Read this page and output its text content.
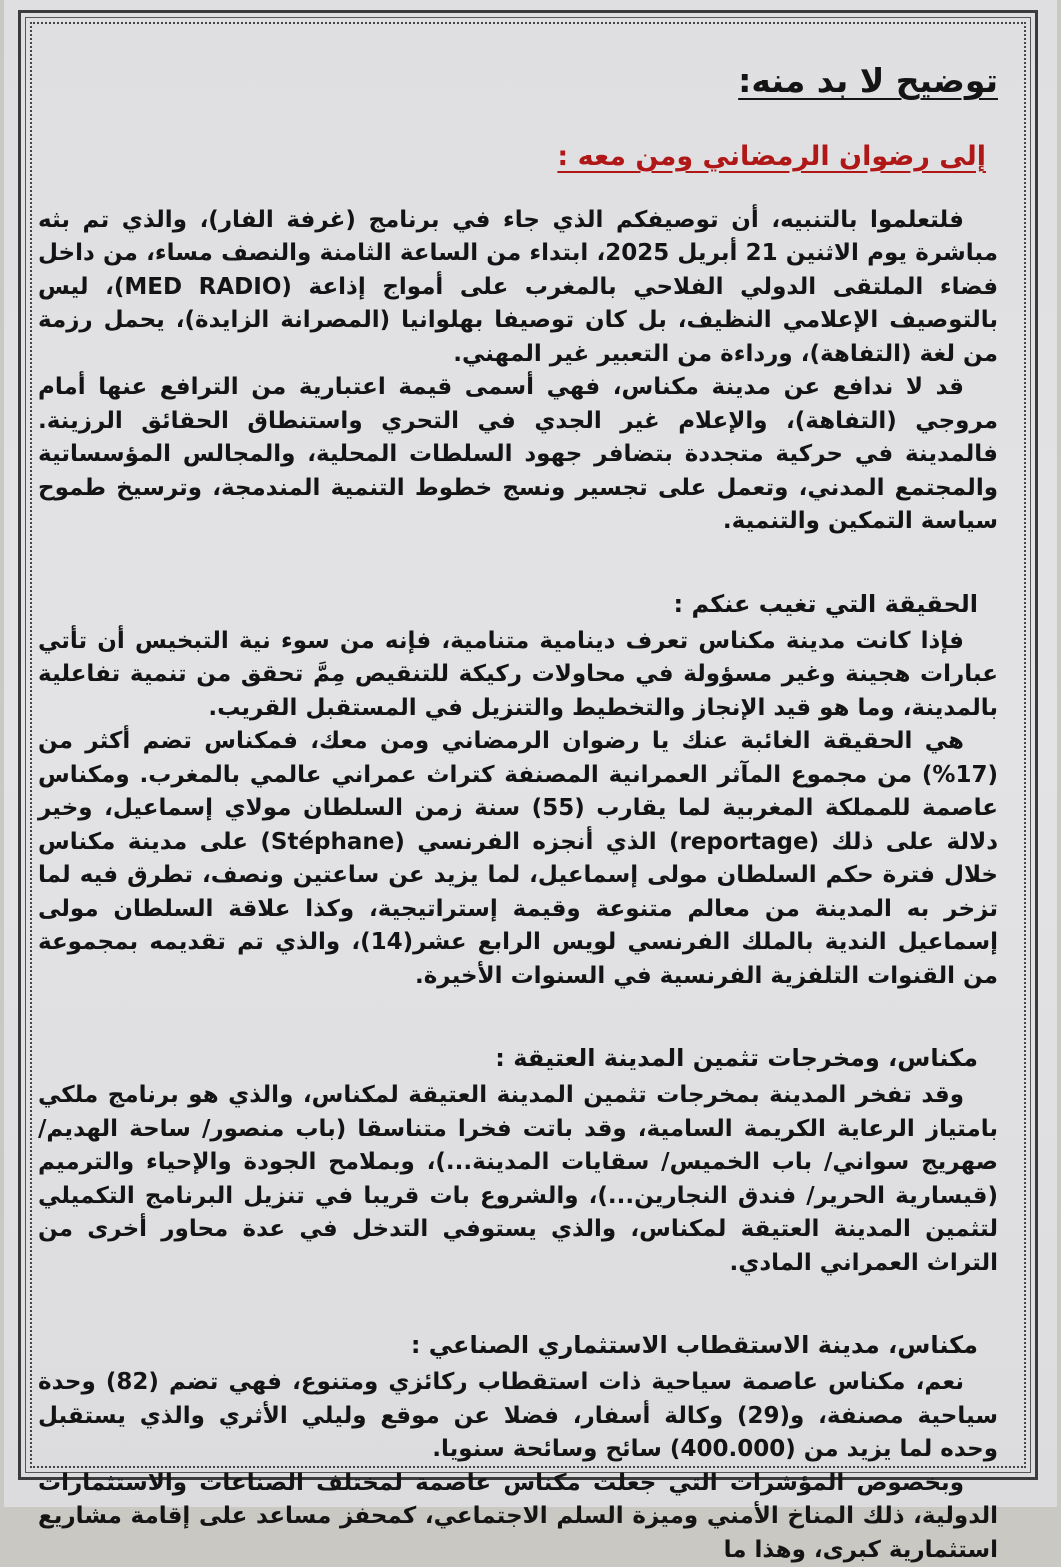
توضيح لا بد منه:
إلى رضوان الرمضاني ومن معه :

فلتعلموا بالتنبيه، أن توصيفكم الذي جاء في برنامج (غرفة الفار)، والذي تم بثه مباشرة يوم الاثنين 21 أبريل 2025، ابتداء من الساعة الثامنة والنصف مساء، من داخل فضاء الملتقى الدولي الفلاحي بالمغرب على أمواج إذاعة (MED RADIO)، ليس بالتوصيف الإعلامي النظيف، بل كان توصيفا بهلوانيا (المصرانة الزايدة)، يحمل رزمة من لغة (التفاهة)، ورداءة من التعبير غير المهني.

قد لا ندافع عن مدينة مكناس، فهي أسمى قيمة اعتبارية من الترافع عنها أمام مروجي (التفاهة)، والإعلام غير الجدي في التحري واستنطاق الحقائق الرزينة. فالمدينة في حركية متجددة بتضافر جهود السلطات المحلية، والمجالس المؤسساتية والمجتمع المدني، وتعمل على تجسير ونسج خطوط التنمية المندمجة، وترسيخ طموح سياسة التمكين والتنمية.

الحقيقة التي تغيب عنكم :

فإذا كانت مدينة مكناس تعرف دينامية متنامية، فإنه من سوء نية التبخيس أن تأتي عبارات هجينة وغير مسؤولة في محاولات ركيكة للتنقيص مِمَّ تحقق من تنمية تفاعلية بالمدينة، وما هو قيد الإنجاز والتخطيط والتنزيل في المستقبل القريب.

هي الحقيقة الغائبة عنك يا رضوان الرمضاني ومن معك، فمكناس تضم أكثر من (17%) من مجموع المآثر العمرانية المصنفة كتراث عمراني عالمي بالمغرب. ومكناس عاصمة للمملكة المغربية لما يقارب (55) سنة زمن السلطان مولاي إسماعيل، وخير دلالة على ذلك (reportage) الذي أنجزه الفرنسي (Stéphane) على مدينة مكناس خلال فترة حكم السلطان مولى إسماعيل، لما يزيد عن ساعتين ونصف، تطرق فيه لما تزخر به المدينة من معالم متنوعة وقيمة إستراتيجية، وكذا علاقة السلطان مولى إسماعيل الندية بالملك الفرنسي لويس الرابع عشر(14)، والذي تم تقديمه بمجموعة من القنوات التلفزية الفرنسية في السنوات الأخيرة.

مكناس، ومخرجات تثمين المدينة العتيقة :

وقد تفخر المدينة بمخرجات تثمين المدينة العتيقة لمكناس، والذي هو برنامج ملكي بامتياز الرعاية الكريمة السامية، وقد باتت فخرا متناسقا (باب منصور/ ساحة الهديم/ صهريج سواني/ باب الخميس/ سقايات المدينة...)، وبملامح الجودة والإحياء والترميم (قيسارية الحرير/ فندق النجارين...)، والشروع بات قريبا في تنزيل البرنامج التكميلي لتثمين المدينة العتيقة لمكناس، والذي يستوفي التدخل في عدة محاور أخرى من التراث العمراني المادي.

مكناس، مدينة الاستقطاب الاستثماري الصناعي :

نعم، مكناس عاصمة سياحية ذات استقطاب ركائزي ومتنوع، فهي تضم (82) وحدة سياحية مصنفة، و(29) وكالة أسفار، فضلا عن موقع وليلي الأثري والذي يستقبل وحده لما يزيد من (400.000) سائح وسائحة سنويا.

وبخصوص المؤشرات التي جعلت مكناس عاصمة لمختلف الصناعات والاستثمارات الدولية، ذلك المناخ الأمني وميزة السلم الاجتماعي، كمحفز مساعد على إقامة مشاريع استثمارية كبرى، وهذا ما
